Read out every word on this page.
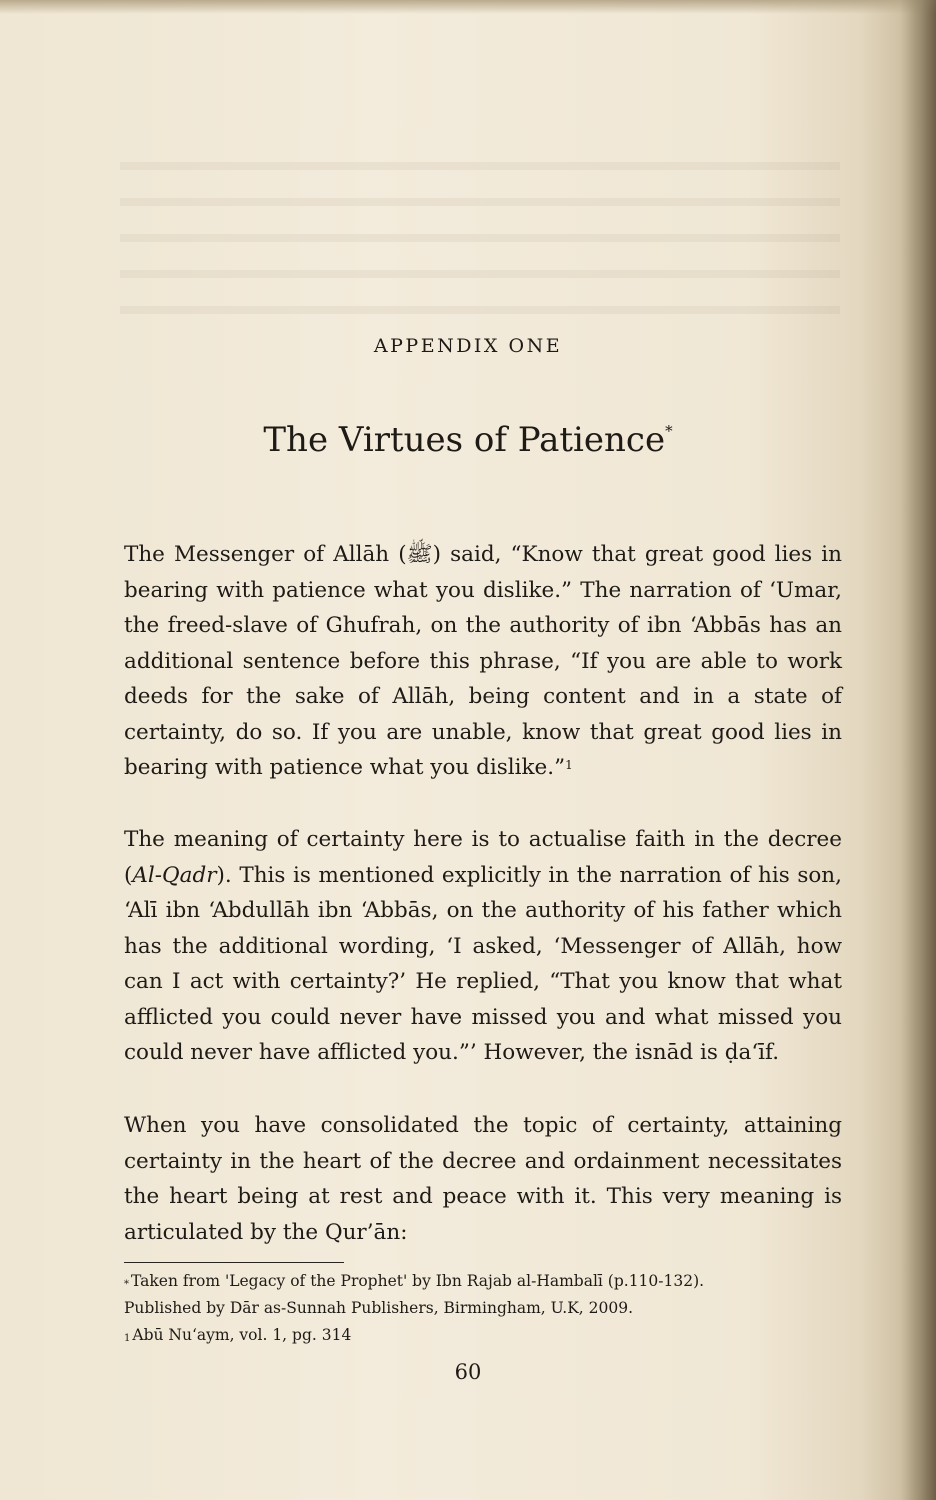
APPENDIX ONE
The Virtues of Patience*

The Messenger of Allāh (ﷺ) said, “Know that great good lies in bearing with patience what you dislike.” The narration of ‘Umar, the freed-slave of Ghufrah, on the authority of ibn ‘Abbās has an additional sentence before this phrase, “If you are able to work deeds for the sake of Allāh, being content and in a state of certainty, do so. If you are unable, know that great good lies in bearing with patience what you dislike.”$^1$

The meaning of certainty here is to actualise faith in the decree (Al-Qadr). This is mentioned explicitly in the narration of his son, ‘Alī ibn ‘Abdullāh ibn ‘Abbās, on the authority of his father which has the additional wording, ‘I asked, ‘Messenger of Allāh, how can I act with certainty?’ He replied, “That you know that what afflicted you could never have missed you and what missed you could never have afflicted you.”’ However, the isnād is ḍa‘īf.

When you have consolidated the topic of certainty, attaining certainty in the heart of the decree and ordainment necessitates the heart being at rest and peace with it. This very meaning is articulated by the Qur’ān:

* Taken from 'Legacy of the Prophet' by Ibn Rajab al-Hambalī (p.110-132).
Published by Dār as-Sunnah Publishers, Birmingham, U.K, 2009.
$^1$ Abū Nu‘aym, vol. 1, pg. 314
60
